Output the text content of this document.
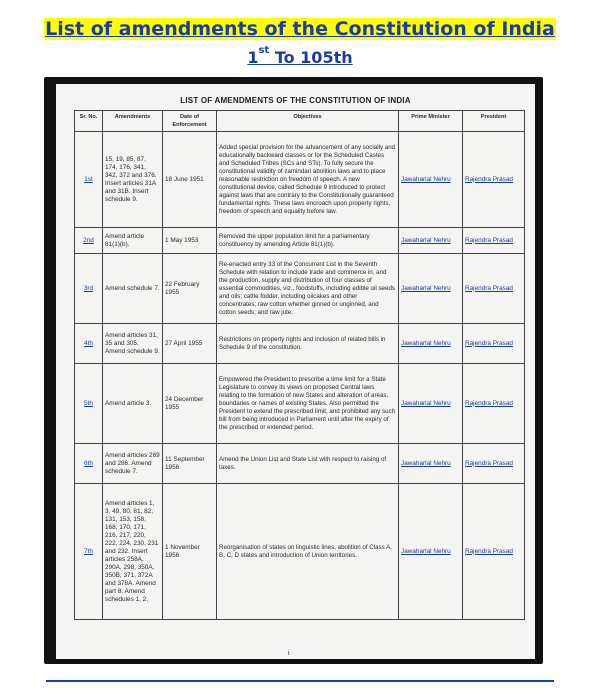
List of amendments of the Constitution of India
1st To 105th
LIST OF AMENDMENTS OF THE CONSTITUTION OF INDIA
Sr. No.	Amendments	Date of Enforcement	Objectives	Prime Minister	President
1st	15, 19, 85, 87, 174, 176, 341, 342, 372 and 376. Insert articles 31A and 31B. Insert schedule 9.	18 June 1951	Added special provision for the advancement of any socially and educationally backward classes or for the Scheduled Castes and Scheduled Tribes (SCs and STs). To fully secure the constitutional validity of zamindari abolition laws and to place reasonable restriction on freedom of speech. A new constitutional device, called Schedule 9 introduced to protect against laws that are contrary to the Constitutionally guaranteed fundamental rights. These laws encroach upon property rights, freedom of speech and equality before law.	Jawaharlal Nehru	Rajendra Prasad
2nd	Amend article 81(1)(b).	1 May 1953	Removed the upper population limit for a parliamentary constituency by amending Article 81(1)(b).	Jawaharlal Nehru	Rajendra Prasad
3rd	Amend schedule 7.	22 February 1955	Re-enacted entry 33 of the Concurrent List in the Seventh Schedule with relation to include trade and commerce in, and the production, supply and distribution of four classes of essential commodities, viz., foodstuffs, including edible oil seeds and oils; cattle fodder, including oilcakes and other concentrates; raw cotton whether ginned or unginned, and cotton seeds; and raw jute.	Jawaharlal Nehru	Rajendra Prasad
4th	Amend articles 31, 35 and 305. Amend schedule 9.	27 April 1955	Restrictions on property rights and inclusion of related bills in Schedule 9 of the constitution.	Jawaharlal Nehru	Rajendra Prasad
5th	Amend article 3.	24 December 1955	Empowered the President to prescribe a time limit for a State Legislature to convey its views on proposed Central laws relating to the formation of new States and alteration of areas, boundaries or names of existing States. Also permitted the President to extend the prescribed limit, and prohibited any such bill from being introduced in Parliament until after the expiry of the prescribed or extended period.	Jawaharlal Nehru	Rajendra Prasad
6th	Amend articles 269 and 286. Amend schedule 7.	11 September 1956	Amend the Union List and State List with respect to raising of taxes.	Jawaharlal Nehru	Rajendra Prasad
7th	Amend articles 1, 3, 49, 80, 81, 82, 131, 153, 158, 168, 170, 171, 216, 217, 220, 222, 224, 230, 231 and 232. Insert articles 258A, 290A, 298, 350A, 350B, 371, 372A and 378A. Amend part 8. Amend schedules 1, 2,	1 November 1956	Reorganisation of states on linguistic lines, abolition of Class A, B, C, D states and introduction of Union territories.	Jawaharlal Nehru	Rajendra Prasad
i
